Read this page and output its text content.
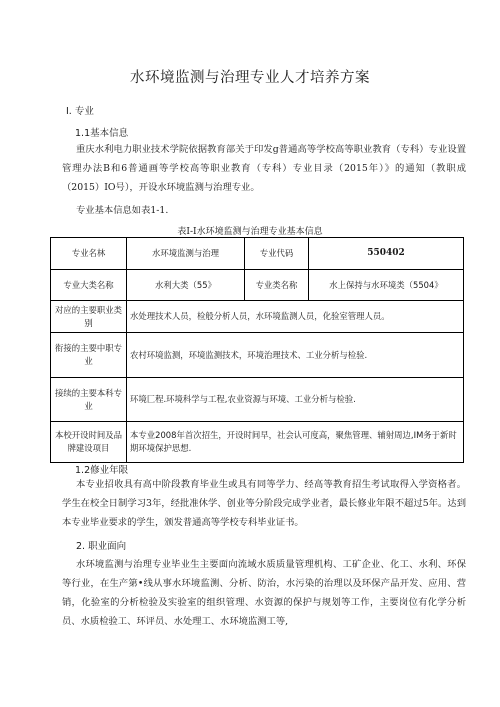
水环境监测与治理专业人才培养方案
I. 专业
1.1基本信息
重庆水利电力职业技术学院依据教育部关于印发g普通高等学校高等职业教育（专科）专业设置管理办法B和6普通画等学校高等职业教育（专科）专业目录（2015年）》的通知（教职成（2015）IO号），开设水环境监测与治理专业。
专业基本信息如表1-1.
表I-I水环境监测与治理专业基本信息
专业名林	水环境监测与治理	专业代码	550402
专业大类名称	水利大类（55》	专业类名称	水上保持与水环境类（5504》
对应的主要职业类别	水处理技术人员，检般分析人员，水环境监测人员，化验室管理人员。		
衔接的主要中职专业	农村环境监测，环境监测技术，环境治理技术、工业分析与检验.		
接续的主要本科专业	环境匚程.环境科学与工程,农业资源与环境、工业分析与检验.		
本校开设时间及品牌建设项目	本专业2008年首次招生，开设时间早，社会认可度高，聚焦管理、辅射周边,IM务于新时期环境保护思想.		
1.2修业年限
本专业招收具有高中阶段教育毕业生或具有同等学力、经高等教育招生考试取得入学资格者。学生在校全日制学习3年，经批准休学、创业等分阶段完成学业者，最长修业年限不超过5年。达到本专业毕业要求的学生，颁发普通高等学校专科毕业证书。
2. 职业面向
水环境监测与治理专业毕业生主要面向流域水质质量管理机构、工矿企业、化工、水利、环保等行业，在生产第•线从事水环境监测、分析、防治，水污染的治理以及环保产品开发、应用、营销，化验室的分析检验及实验室的组织管理、水资源的保护与规划等工作，主要岗位有化学分析员、水质检验工、环评员、水处理工、水环境监测工等,
